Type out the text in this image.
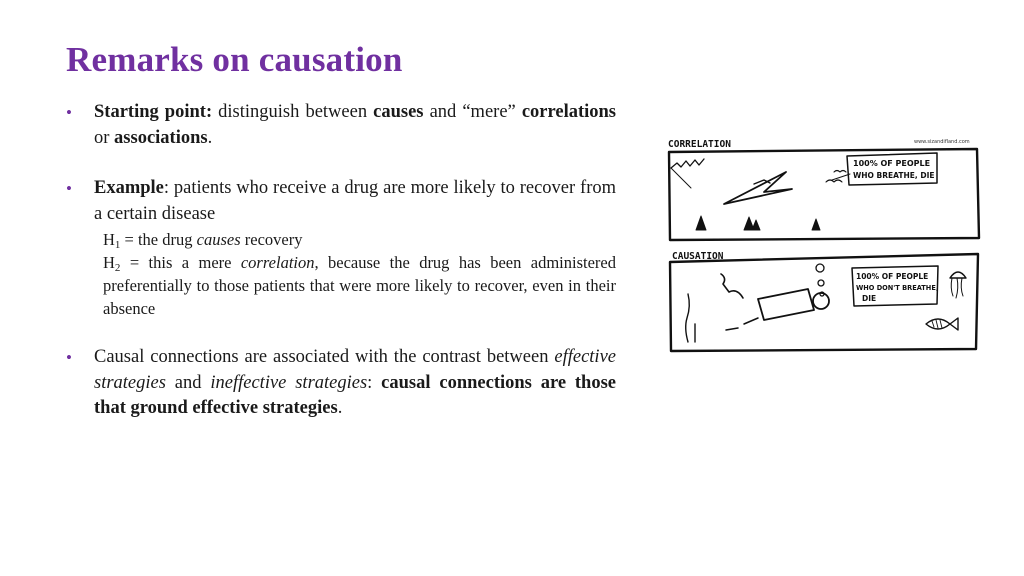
Remarks on causation
• Starting point: distinguish between causes and “mere” correlations or associations.
• Example: patients who receive a drug are more likely to recover from a certain disease
$H_1$ = the drug causes recovery
$H_2$ = this a mere correlation, because the drug has been administered preferentially to those patients that were more likely to recover, even in their absence
• Causal connections are associated with the contrast between effective strategies and ineffective strategies: causal connections are those that ground effective strategies.
CORRELATION	www.sizandifland.com
100% OF PEOPLE
WHO BREATHE, DIE
CAUSATION
100% OF PEOPLE
WHO DON'T BREATHE,
DIE
